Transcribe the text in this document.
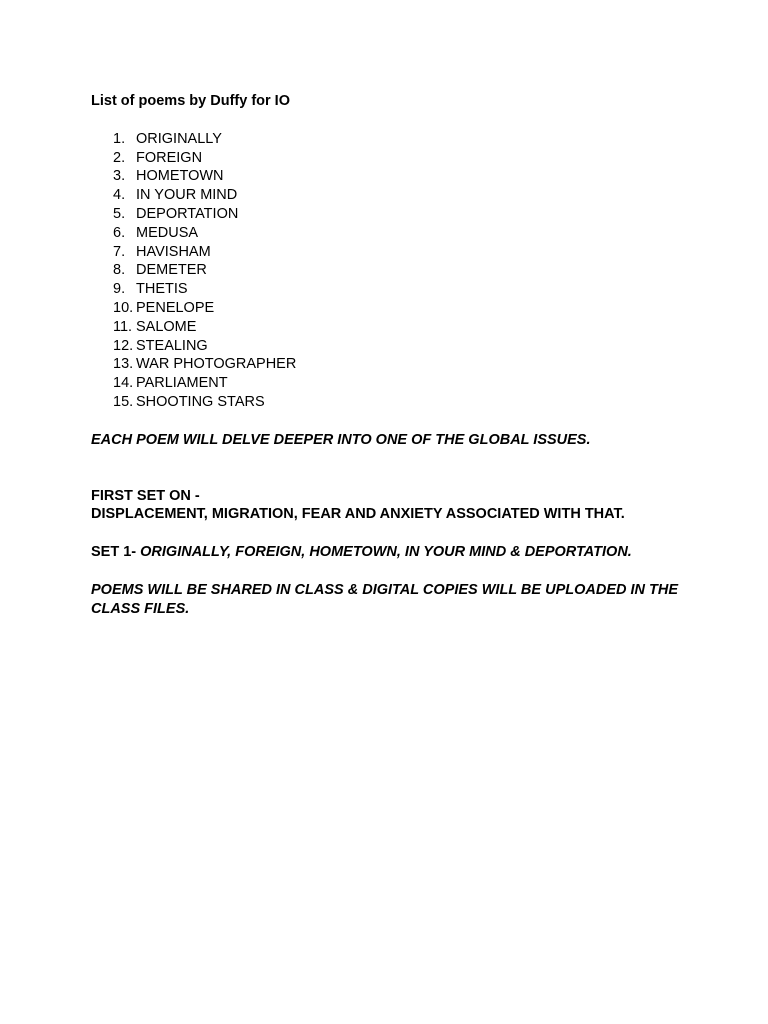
List of poems by Duffy for IO

1. ORIGINALLY
2. FOREIGN
3. HOMETOWN
4. IN YOUR MIND
5. DEPORTATION
6. MEDUSA
7. HAVISHAM
8. DEMETER
9. THETIS
10. PENELOPE
11. SALOME
12. STEALING
13. WAR PHOTOGRAPHER
14. PARLIAMENT
15. SHOOTING STARS

EACH POEM WILL DELVE DEEPER INTO ONE OF THE GLOBAL ISSUES.

FIRST SET ON -

DISPLACEMENT, MIGRATION, FEAR AND ANXIETY ASSOCIATED WITH THAT.

SET 1- ORIGINALLY, FOREIGN, HOMETOWN, IN YOUR MIND & DEPORTATION.

POEMS WILL BE SHARED IN CLASS & DIGITAL COPIES WILL BE UPLOADED IN THE CLASS FILES.
